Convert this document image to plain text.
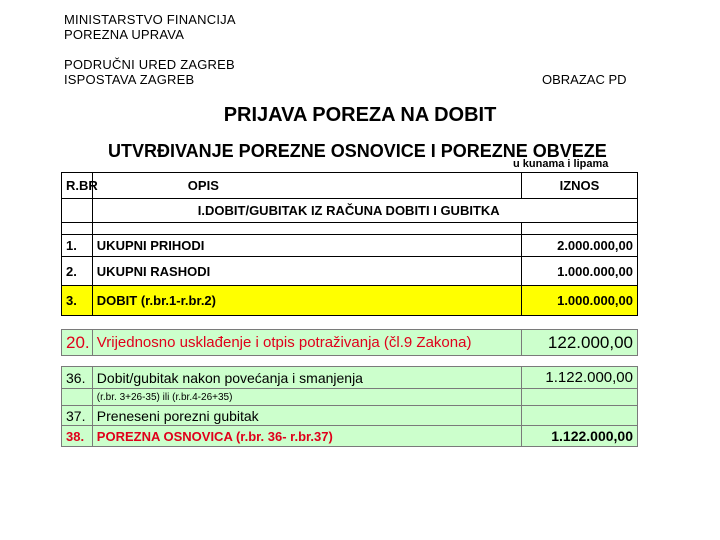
MINISTARSTVO FINANCIJA
POREZNA UPRAVA
PODRUČNI URED ZAGREB
ISPOSTAVA ZAGREB	OBRAZAC PD
PRIJAVA POREZA NA DOBIT
UTVRĐIVANJE POREZNE OSNOVICE I POREZNE OBVEZE
u kunama i lipama
R.BR	OPIS	IZNOS
	I.DOBIT/GUBITAK IZ RAČUNA DOBITI I GUBITKA	

1.	UKUPNI PRIHODI	2.000.000,00
2.	UKUPNI RASHODI	1.000.000,00
3.	DOBIT (r.br.1-r.br.2)	1.000.000,00
20.	Vrijednosno usklađenje i otpis potraživanja (čl.9 Zakona)	122.000,00
36.	Dobit/gubitak nakon povećanja i smanjenja	1.122.000,00
	(r.br. 3+26-35) ili (r.br.4-26+35)	
37.	Preneseni porezni gubitak	
38.	POREZNA OSNOVICA (r.br. 36- r.br.37)	1.122.000,00
